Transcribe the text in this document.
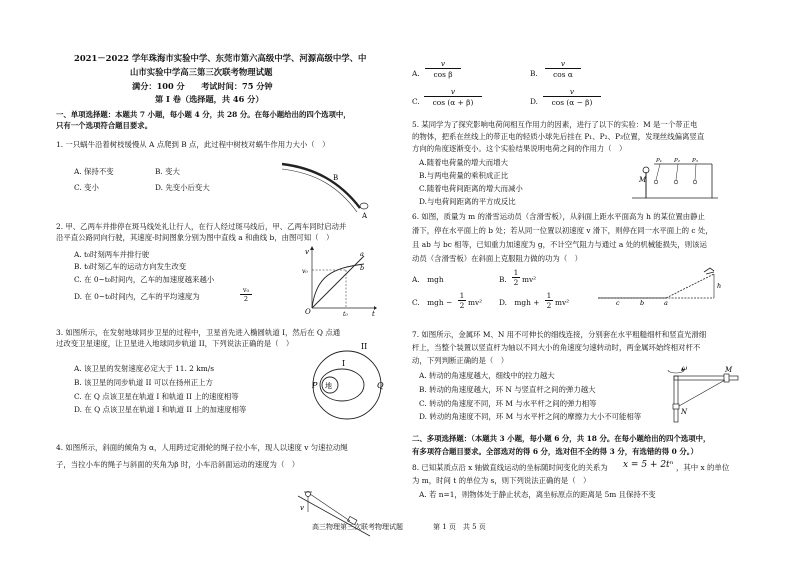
2021－2022 学年珠海市实验中学、东莞市第六高级中学、河源高级中学、中
山市实验中学高三第三次联考物理试题
满分：100 分　　考试时间：75 分钟
第 Ⅰ 卷（选择题，共 46 分）
一、单项选择题：本题共 7 小题，每小题 4 分，共 28 分。在每小题给出的四个选项中，
只有一个选项符合题目要求。
1. 一只蜗牛沿着树枝缓慢从 A 点爬到 B 点，此过程中树枝对蜗牛作用力大小（　）
A. 保持不变	B. 变大
C. 变小	D. 先变小后变大
B
A
2. 甲、乙两车并排停在斑马线处礼让行人，在行人经过斑马线后，甲、乙两车同时启动并
沿平直公路同向行驶，其速度-时间图象分别为图中直线 a 和曲线 b，由图可知（　）
A. t₀时刻两车并排行驶
B. t₀时刻乙车的运动方向发生改变
C. 在 0~t₀时间内，乙车的加速度越来越小
D. 在 0~t₀时间内，乙车的平均速度为
v₀
2
v
v₀
O	t
t₀
a
b
3. 如图所示，在发射地球同步卫星的过程中，卫星首先进入椭圆轨道 I，然后在 Q 点通
过改变卫星速度，让卫星进入地球同步轨道 II，下列说法正确的是（　）
A. 该卫星的发射速度必定大于 11. 2 km/s
B. 该卫星的同步轨道 II 可以在扬州正上方
C. 在 Q 点该卫星在轨道 I 和轨道 II 上的速度相等
D. 在 Q 点该卫星在轨道 I 和轨道 II 上的加速度相等
地
P	Q
I
II
4. 如图所示，斜面的倾角为 α，人用跨过定滑轮的绳子拉小车，现人以速度 v 匀速拉动绳
子，当拉小车的绳子与斜面的夹角为β 时，小车沿斜面运动的速度为（　）
v
高三物理第三次联考物理试题	第 1 页　共 5 页
A.
v
cos β	B.
v
cos α
C.
v
cos (α + β)	D.
v
cos (α − β)
5. 某同学为了探究影响电荷间相互作用力的因素，进行了以下的实验：M 是一个带正电
的物体，把系在丝线上的带正电的轻质小球先后挂在 P₁、P₂、P₃位置，发现丝线偏离竖直
方向的角度逐渐变小。这个实验结果说明电荷之间的作用力（　）
A.随着电荷量的增大而增大
B.与两电荷量的乘积成正比
C.随着电荷间距离的增大而减小
D.与电荷间距离的平方成反比
M
P₁ P₂ P₃
6. 如图，质量为 m 的滑雪运动员（含滑雪板），从斜面上距水平面高为 h 的某位置由静止
滑下，停在水平面上的 b 处；若从同一位置以初速度 v 滑下，则停在同一水平面上的 c 处，
且 ab 与 bc 相等，已知重力加速度为 g，不计空气阻力与通过 a 处的机械能损失，则该运
动员（含滑雪板）在斜面上克服阻力做的功为（　）
A.　mgh	B.
1
2 mv²
C.　mgh −
1
2 mv² D.　mgh +
1
2 mv²	c	b	a
h
7. 如图所示，金属环 M、N 用不可伸长的细线连接，分别套在水平粗糙细杆和竖直光滑细
杆上，当整个装置以竖直杆为轴以不同大小的角速度匀速转动时，两金属环始终相对杆不
动，下列判断正确的是（　）
A. 转动的角速度越大，细线中的拉力越大
B. 转动的角速度越大，环 N 与竖直杆之间的弹力越大
C. 转动的角速度不同，环 M 与水平杆之间的弹力相等
D. 转动的角速度不同，环 M 与水平杆之间的摩擦力大小不可能相等
ω	M
N
二、多项选择题：（本题共 3 小题，每小题 6 分，共 18 分。在每小题给出的四个选项中，
有多项符合题目要求。全部选对的得 6 分，选对但不全的得 3 分，有选错的得 0 分。）
8. 已知某质点沿 x 轴做直线运动的坐标随时间变化的关系为 x = 5 + 2tⁿ ，其中 x 的单位
为 m，时间 t 的单位为 s，则下列说法正确的是（　）
A. 若 n=1，则物体处于静止状态，离坐标原点的距离是 5m 且保持不变
